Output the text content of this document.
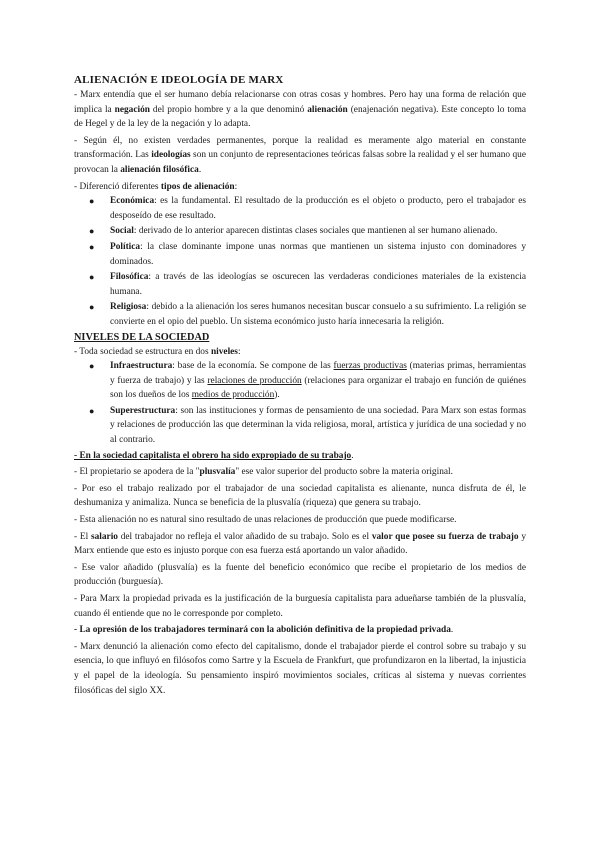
ALIENACIÓN E IDEOLOGÍA DE MARX

- Marx entendía que el ser humano debía relacionarse con otras cosas y hombres. Pero hay una forma de relación que implica la negación del propio hombre y a la que denominó alienación (enajenación negativa). Este concepto lo toma de Hegel y de la ley de la negación y lo adapta.

- Según él, no existen verdades permanentes, porque la realidad es meramente algo material en constante transformación. Las ideologías son un conjunto de representaciones teóricas falsas sobre la realidad y el ser humano que provocan la alienación filosófica.

- Diferenció diferentes tipos de alienación:

● Económica: es la fundamental. El resultado de la producción es el objeto o producto, pero el trabajador es desposeído de ese resultado.
● Social: derivado de lo anterior aparecen distintas clases sociales que mantienen al ser humano alienado.
● Política: la clase dominante impone unas normas que mantienen un sistema injusto con dominadores y dominados.
● Filosófica: a través de las ideologías se oscurecen las verdaderas condiciones materiales de la existencia humana.
● Religiosa: debido a la alienación los seres humanos necesitan buscar consuelo a su sufrimiento. La religión se convierte en el opio del pueblo. Un sistema económico justo haría innecesaria la religión.
NIVELES DE LA SOCIEDAD

- Toda sociedad se estructura en dos niveles:

● Infraestructura: base de la economía. Se compone de las fuerzas productivas (materias primas, herramientas y fuerza de trabajo) y las relaciones de producción (relaciones para organizar el trabajo en función de quiénes son los dueños de los medios de producción).
● Superestructura: son las instituciones y formas de pensamiento de una sociedad. Para Marx son estas formas y relaciones de producción las que determinan la vida religiosa, moral, artística y jurídica de una sociedad y no al contrario.

- En la sociedad capitalista el obrero ha sido expropiado de su trabajo.

- El propietario se apodera de la "plusvalía" ese valor superior del producto sobre la materia original.

- Por eso el trabajo realizado por el trabajador de una sociedad capitalista es alienante, nunca disfruta de él, le deshumaniza y animaliza. Nunca se beneficia de la plusvalía (riqueza) que genera su trabajo.

- Esta alienación no es natural sino resultado de unas relaciones de producción que puede modificarse.

- El salario del trabajador no refleja el valor añadido de su trabajo. Solo es el valor que posee su fuerza de trabajo y Marx entiende que esto es injusto porque con esa fuerza está aportando un valor añadido.

- Ese valor añadido (plusvalía) es la fuente del beneficio económico que recibe el propietario de los medios de producción (burguesía).

- Para Marx la propiedad privada es la justificación de la burguesía capitalista para adueñarse también de la plusvalía, cuando él entiende que no le corresponde por completo.

- La opresión de los trabajadores terminará con la abolición definitiva de la propiedad privada.

- Marx denunció la alienación como efecto del capitalismo, donde el trabajador pierde el control sobre su trabajo y su esencia, lo que influyó en filósofos como Sartre y la Escuela de Frankfurt, que profundizaron en la libertad, la injusticia y el papel de la ideología. Su pensamiento inspiró movimientos sociales, críticas al sistema y nuevas corrientes filosóficas del siglo XX.
